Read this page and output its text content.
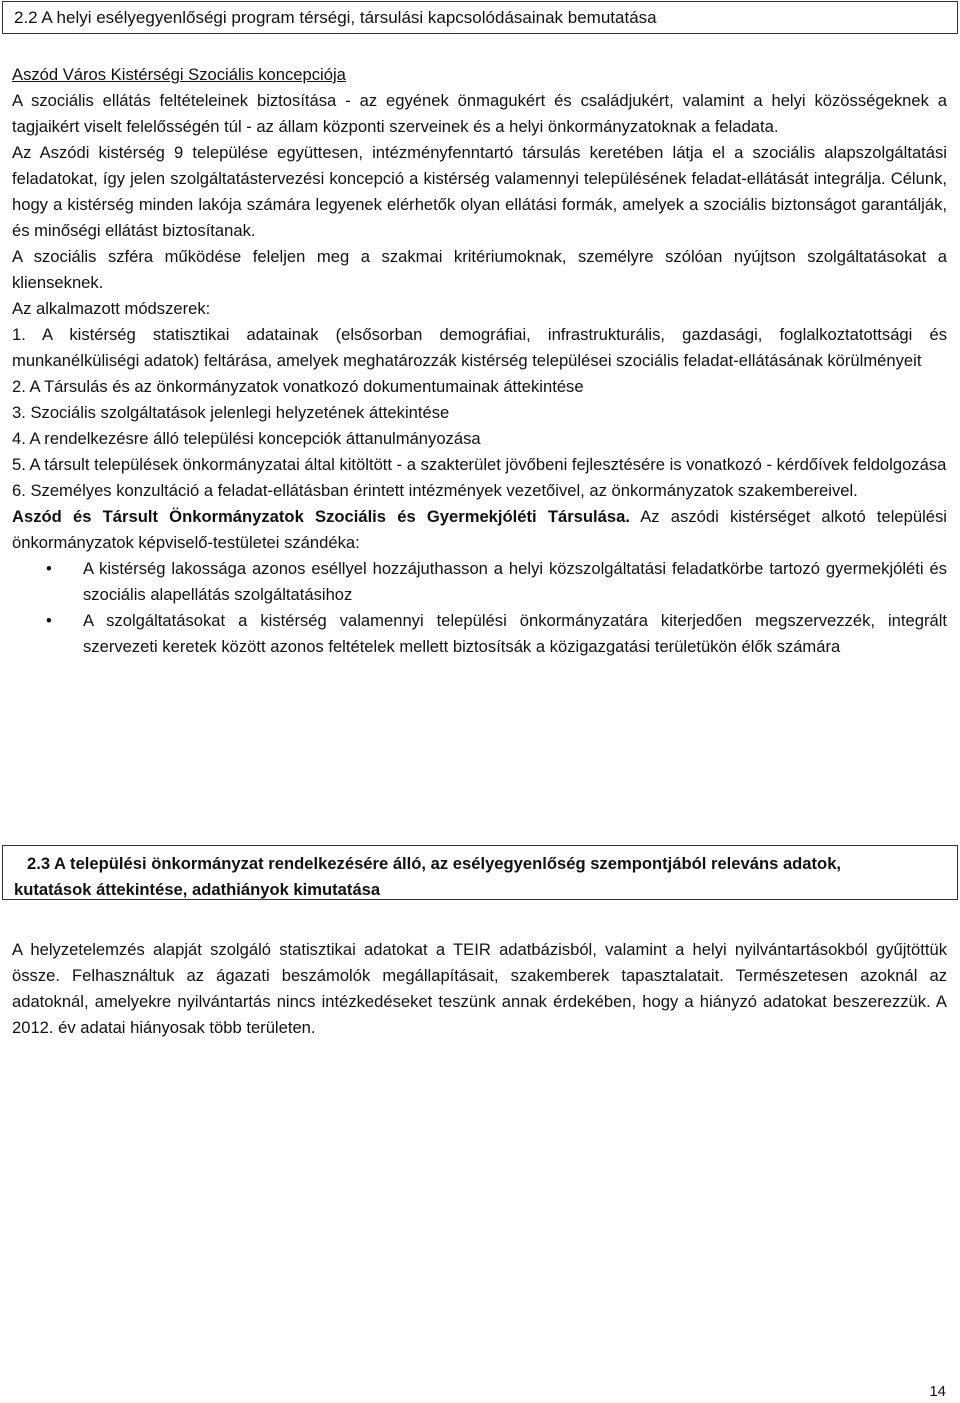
2.2 A helyi esélyegyenlőségi program térségi, társulási kapcsolódásainak bemutatása

Aszód Város Kistérségi Szociális koncepciója

A szociális ellátás feltételeinek biztosítása - az egyének önmagukért és családjukért, valamint a helyi közösségeknek a tagjaikért viselt felelősségén túl - az állam központi szerveinek és a helyi önkormányzatoknak a feladata.

Az Aszódi kistérség 9 települése együttesen, intézményfenntartó társulás keretében látja el a szociális alapszolgáltatási feladatokat, így jelen szolgáltatástervezési koncepció a kistérség valamennyi településének feladat-ellátását integrálja. Célunk, hogy a kistérség minden lakója számára legyenek elérhetők olyan ellátási formák, amelyek a szociális biztonságot garantálják, és minőségi ellátást biztosítanak.

A szociális szféra működése feleljen meg a szakmai kritériumoknak, személyre szólóan nyújtson szolgáltatásokat a klienseknek.

Az alkalmazott módszerek:

1. A kistérség statisztikai adatainak (elsősorban demográfiai, infrastrukturális, gazdasági, foglalkoztatottsági és munkanélküliségi adatok) feltárása, amelyek meghatározzák kistérség települései szociális feladat-ellátásának körülményeit

2. A Társulás és az önkormányzatok vonatkozó dokumentumainak áttekintése

3. Szociális szolgáltatások jelenlegi helyzetének áttekintése

4. A rendelkezésre álló települési koncepciók áttanulmányozása

5. A társult települések önkormányzatai által kitöltött - a szakterület jövőbeni fejlesztésére is vonatkozó - kérdőívek feldolgozása

6. Személyes konzultáció a feladat-ellátásban érintett intézmények vezetőivel, az önkormányzatok szakembereivel.

Aszód és Társult Önkormányzatok Szociális és Gyermekjóléti Társulása. Az aszódi kistérséget alkotó települési önkormányzatok képviselő-testületei szándéka:

• A kistérség lakossága azonos eséllyel hozzájuthasson a helyi közszolgáltatási feladatkörbe tartozó gyermekjóléti és szociális alapellátás szolgáltatásihoz
• A szolgáltatásokat a kistérség valamennyi települési önkormányzatára kiterjedően megszervezzék, integrált szervezeti keretek között azonos feltételek mellett biztosítsák a közigazgatási területükön élők számára
2.3 A települési önkormányzat rendelkezésére álló, az esélyegyenlőség szempontjából releváns adatok,
kutatások áttekintése, adathiányok kimutatása

A helyzetelemzés alapját szolgáló statisztikai adatokat a TEIR adatbázisból, valamint a helyi nyilvántartásokból gyűjtöttük össze. Felhasználtuk az ágazati beszámolók megállapításait, szakemberek tapasztalatait. Természetesen azoknál az adatoknál, amelyekre nyilvántartás nincs intézkedéseket teszünk annak érdekében, hogy a hiányzó adatokat beszerezzük. A 2012. év adatai hiányosak több területen.

14
